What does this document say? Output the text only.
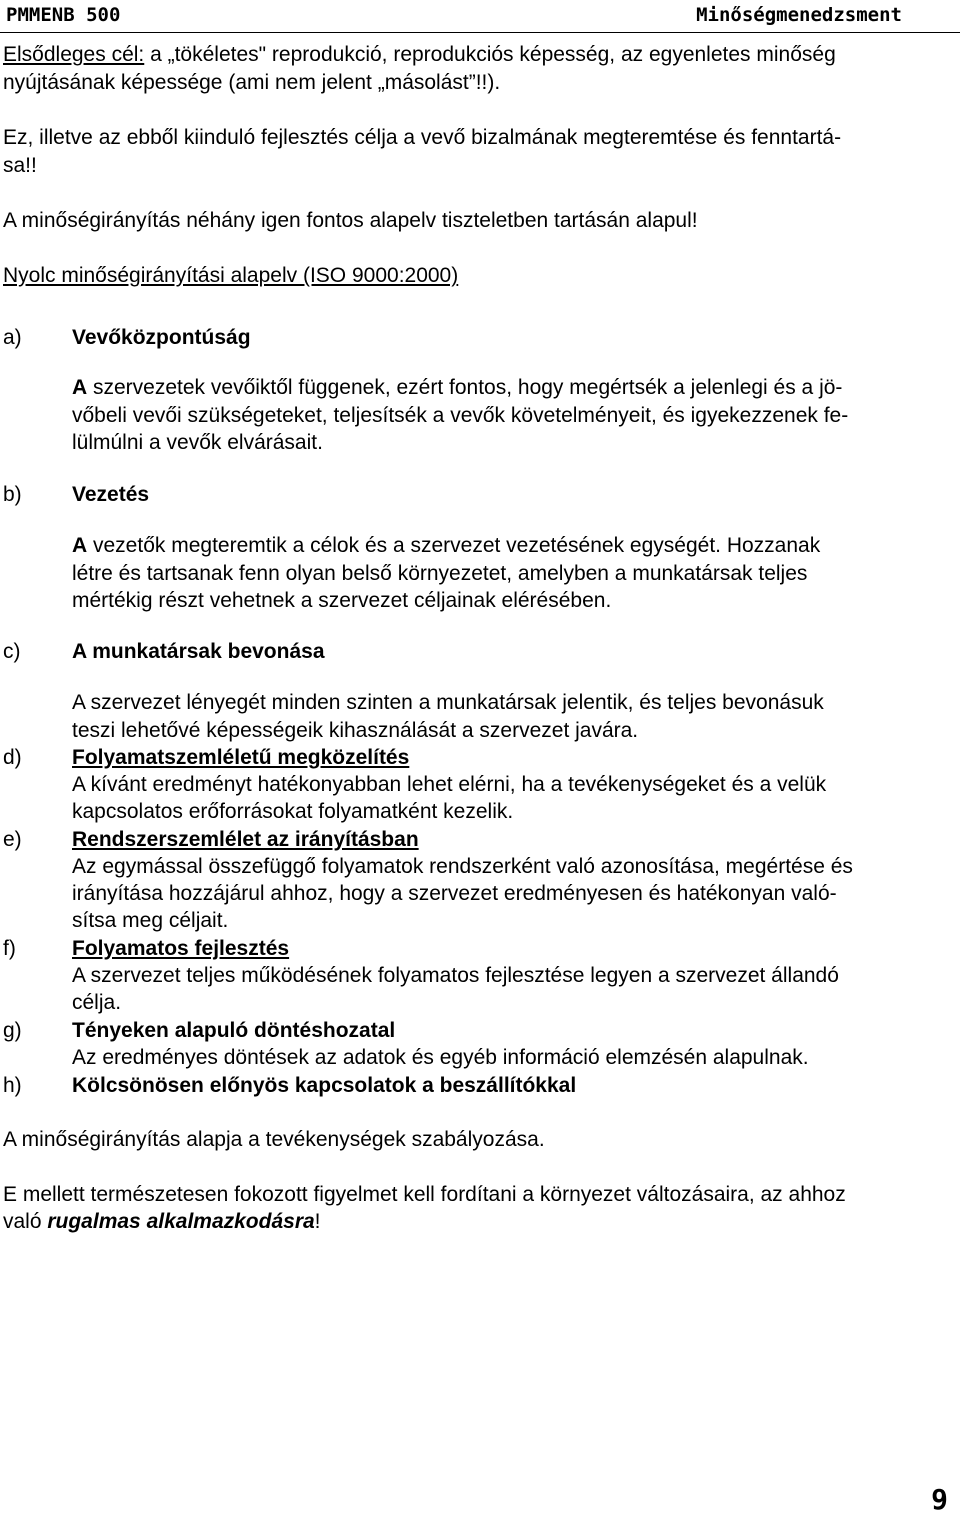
PMMENB 500	Minőségmenedzsment
Elsődleges cél: a „tökéletes" reprodukció, reprodukciós képesség, az egyenletes minőség
nyújtásának képessége (ami nem jelent „másolást”!!).
Ez, illetve az ebből kiinduló fejlesztés célja a vevő bizalmának megteremtése és fenntartá-
sa!!
A minőségirányítás néhány igen fontos alapelv tiszteletben tartásán alapul!
Nyolc minőségirányítási alapelv (ISO 9000:2000)
a) Vevőközpontúság
A szervezetek vevőiktől függenek, ezért fontos, hogy megértsék a jelenlegi és a jö-
vőbeli vevői szükségeteket, teljesítsék a vevők követelményeit, és igyekezzenek fe-
lülmúlni a vevők elvárásait.
b) Vezetés
A vezetők megteremtik a célok és a szervezet vezetésének egységét. Hozzanak
létre és tartsanak fenn olyan belső környezetet, amelyben a munkatársak teljes
mértékig részt vehetnek a szervezet céljainak elérésében.
c) A munkatársak bevonása
A szervezet lényegét minden szinten a munkatársak jelentik, és teljes bevonásuk
teszi lehetővé képességeik kihasználását a szervezet javára.
d) Folyamatszemléletű megközelítés
A kívánt eredményt hatékonyabban lehet elérni, ha a tevékenységeket és a velük
kapcsolatos erőforrásokat folyamatként kezelik.
e) Rendszerszemlélet az irányításban
Az egymással összefüggő folyamatok rendszerként való azonosítása, megértése és
irányítása hozzájárul ahhoz, hogy a szervezet eredményesen és hatékonyan való-
sítsa meg céljait.
f)	Folyamatos fejlesztés
A szervezet teljes működésének folyamatos fejlesztése legyen a szervezet állandó
célja.
g) Tényeken alapuló döntéshozatal
Az eredményes döntések az adatok és egyéb információ elemzésén alapulnak.
h) Kölcsönösen előnyös kapcsolatok a beszállítókkal
A minőségirányítás alapja a tevékenységek szabályozása.
E mellett természetesen fokozott figyelmet kell fordítani a környezet változásaira, az ahhoz
való rugalmas alkalmazkodásra!
9
